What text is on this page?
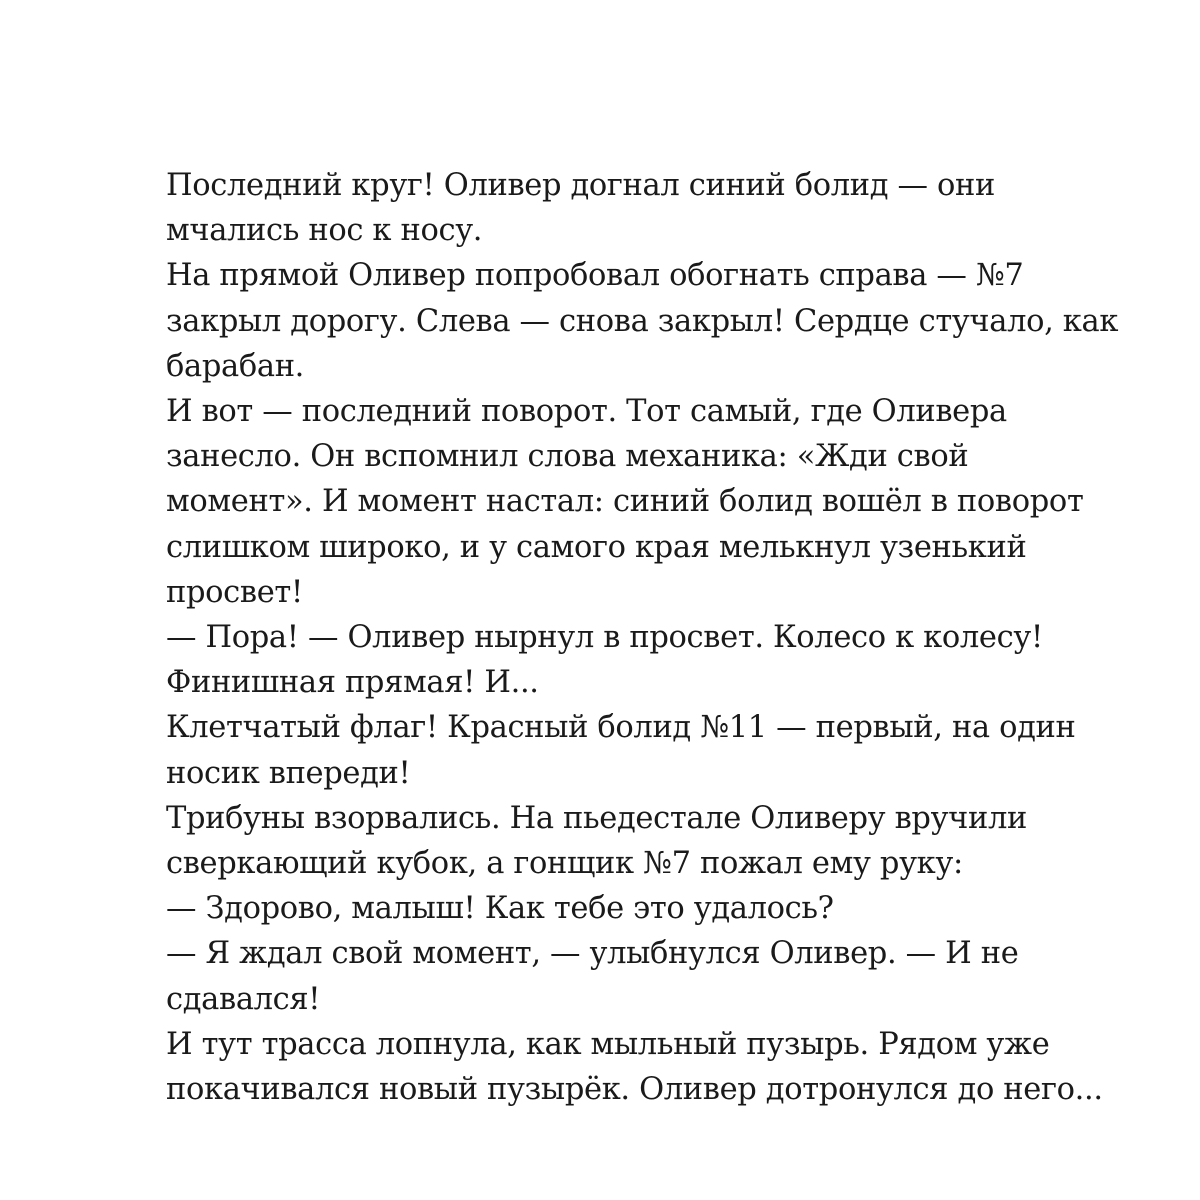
Последний круг! Оливер догнал синий болид — они
мчались нос к носу.
На прямой Оливер попробовал обогнать справа — №7
закрыл дорогу. Слева — снова закрыл! Сердце стучало, как
барабан.
И вот — последний поворот. Тот самый, где Оливера
занесло. Он вспомнил слова механика: «Жди свой
момент». И момент настал: синий болид вошёл в поворот
слишком широко, и у самого края мелькнул узенький
просвет!
— Пора! — Оливер нырнул в просвет. Колесо к колесу!
Финишная прямая! И...
Клетчатый флаг! Красный болид №11 — первый, на один
носик впереди!
Трибуны взорвались. На пьедестале Оливеру вручили
сверкающий кубок, а гонщик №7 пожал ему руку:
— Здорово, малыш! Как тебе это удалось?
— Я ждал свой момент, — улыбнулся Оливер. — И не
сдавался!
И тут трасса лопнула, как мыльный пузырь. Рядом уже
покачивался новый пузырёк. Оливер дотронулся до него...
